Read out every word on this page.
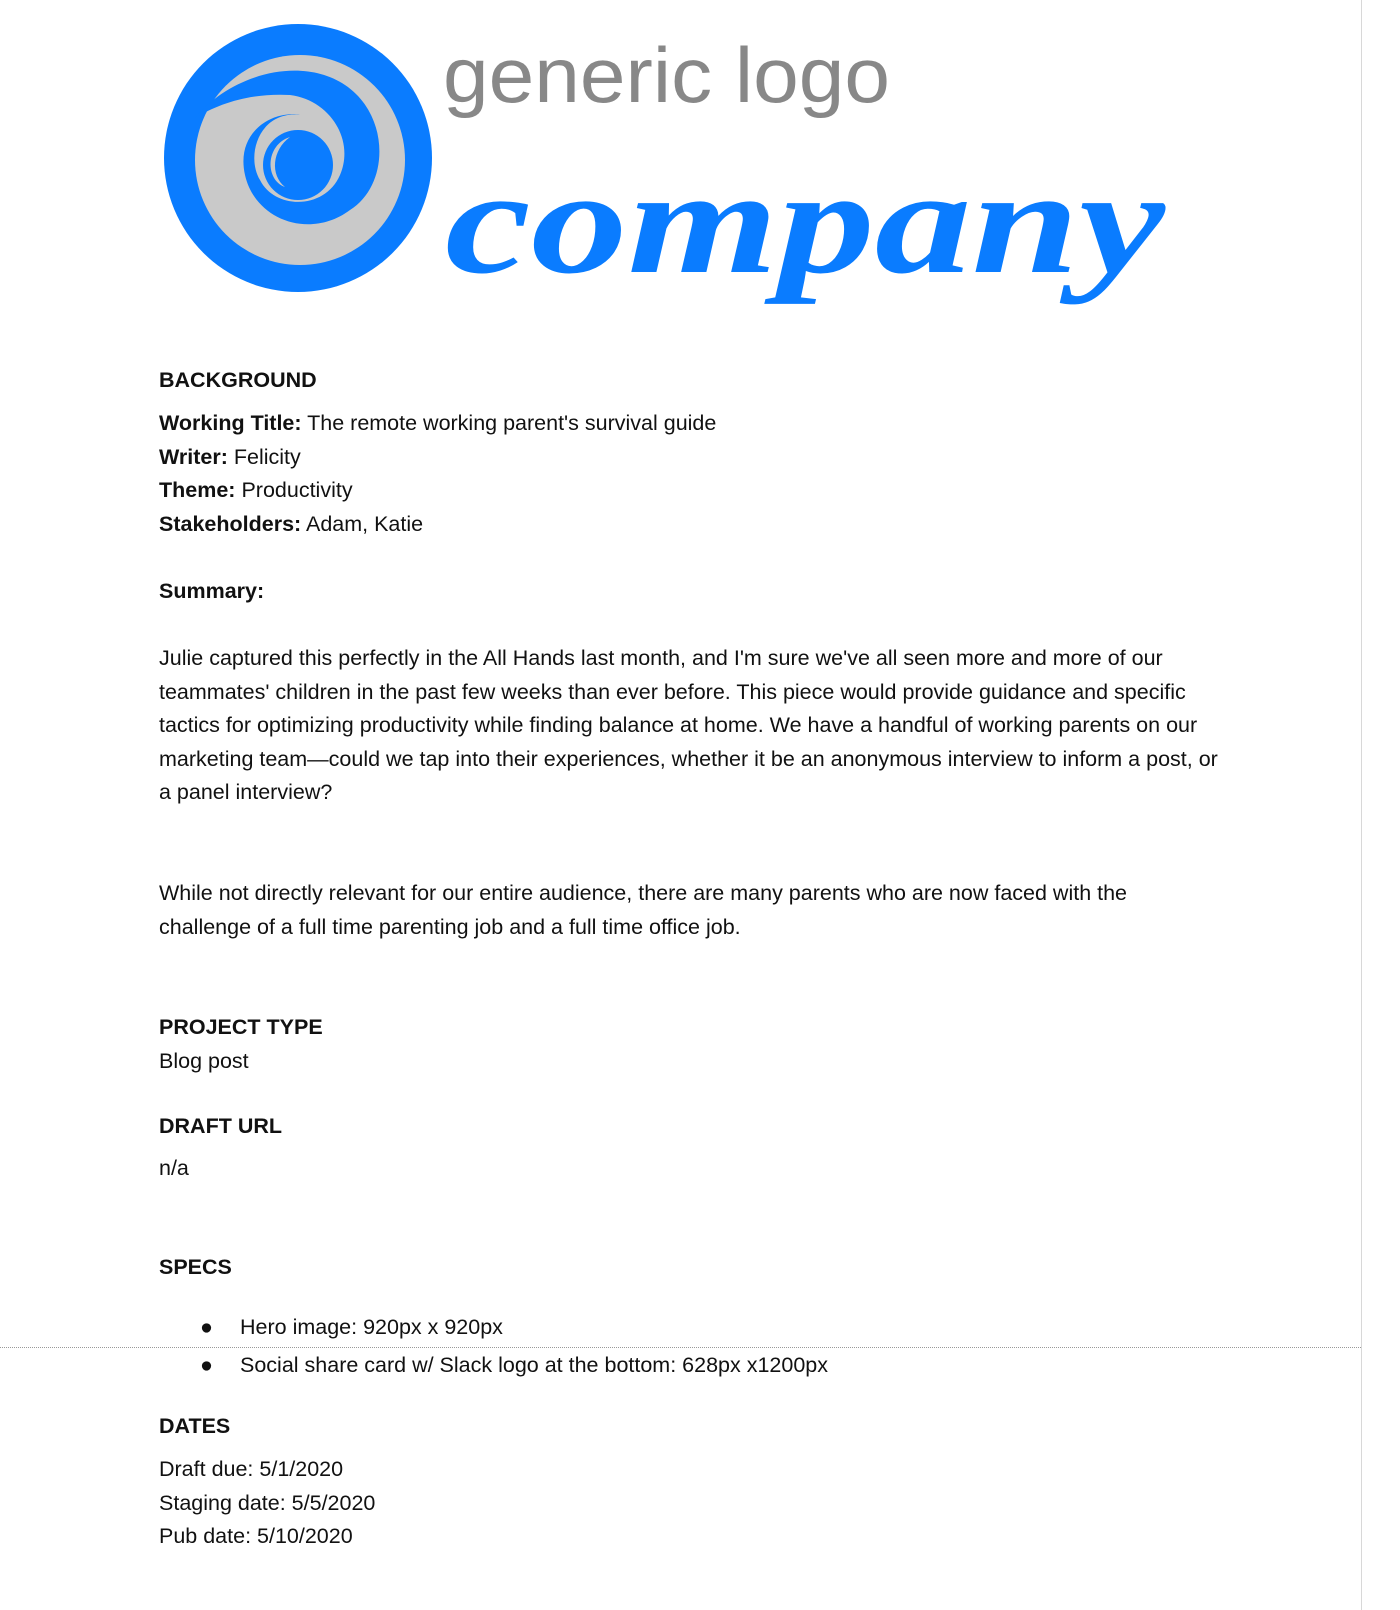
generic logo
company
BACKGROUND
Working Title: The remote working parent's survival guide
Writer: Felicity
Theme: Productivity
Stakeholders: Adam, Katie
Summary:
Julie captured this perfectly in the All Hands last month, and I'm sure we've all seen more and more of our teammates' children in the past few weeks than ever before. This piece would provide guidance and specific tactics for optimizing productivity while finding balance at home. We have a handful of working parents on our marketing team—could we tap into their experiences, whether it be an anonymous interview to inform a post, or a panel interview?
While not directly relevant for our entire audience, there are many parents who are now faced with the challenge of a full time parenting job and a full time office job.
PROJECT TYPE
Blog post
DRAFT URL
n/a
SPECS
● Hero image: 920px x 920px
● Social share card w/ Slack logo at the bottom: 628px x1200px
DATES
Draft due: 5/1/2020
Staging date: 5/5/2020
Pub date: 5/10/2020
